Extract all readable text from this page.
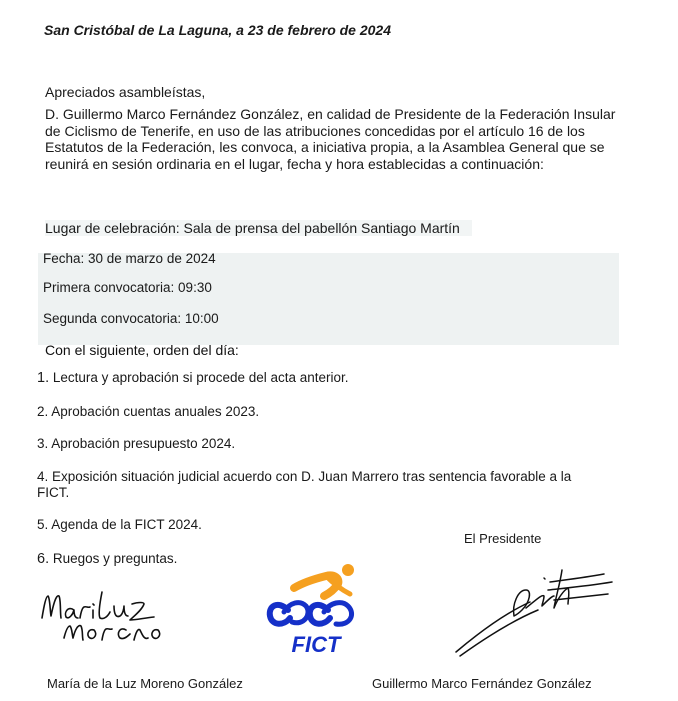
San Cristóbal de La Laguna, a 23 de febrero de 2024

Apreciados asambleístas,

D. Guillermo Marco Fernández González, en calidad de Presidente de la Federación Insular de Ciclismo de Tenerife, en uso de las atribuciones concedidas por el artículo 16 de los Estatutos de la Federación, les convoca, a iniciativa propia, a la Asamblea General que se reunirá en sesión ordinaria en el lugar, fecha y hora establecidas a continuación:

Lugar de celebración: Sala de prensa del pabellón Santiago Martín

Fecha: 30 de marzo de 2024

Primera convocatoria: 09:30

Segunda convocatoria: 10:00

Con el siguiente, orden del día:

1. Lectura y aprobación si procede del acta anterior.

2. Aprobación cuentas anuales 2023.

3. Aprobación presupuesto 2024.

4. Exposición situación judicial acuerdo con D. Juan Marrero tras sentencia favorable a la FICT.

5. Agenda de la FICT 2024.

6. Ruegos y preguntas.

El Presidente

FICT

María de la Luz Moreno González	Guillermo Marco Fernández González
